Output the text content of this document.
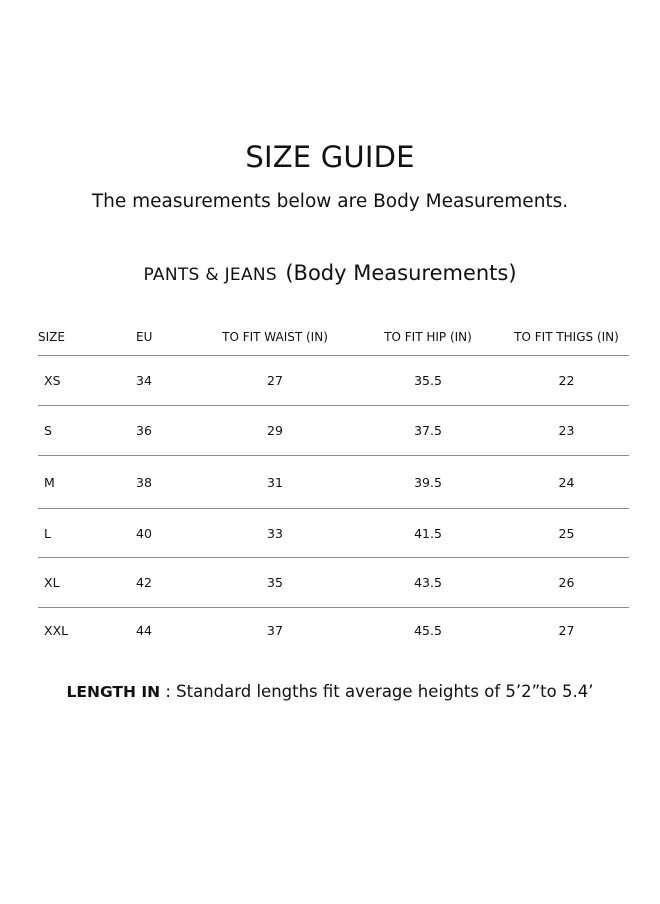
SIZE GUIDE

The measurements below are Body Measurements.

PANTS & JEANS (Body Measurements)
SIZE	EU	TO FIT WAIST (IN)	TO FIT HIP (IN)	TO FIT THIGS (IN)
XS	34	27	35.5	22
S	36	29	37.5	23
M	38	31	39.5	24
L	40	33	41.5	25
XL	42	35	43.5	26
XXL	44	37	45.5	27

LENGTH IN : Standard lengths fit average heights of 5’2”to 5.4’
